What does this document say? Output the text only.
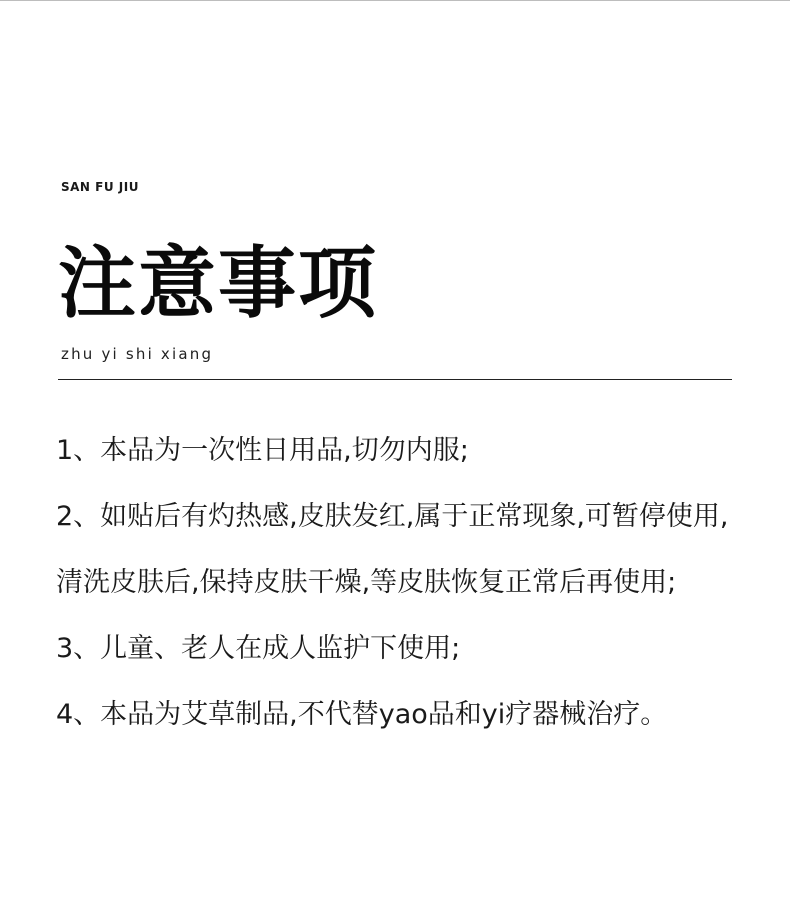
SAN FU JIU
注意事项
zhu yi shi xiang
1、本品为一次性日用品,切勿内服;
2、如贴后有灼热感,皮肤发红,属于正常现象,可暂停使用,清洗皮肤后,保持皮肤干燥,等皮肤恢复正常后再使用;
3、儿童、老人在成人监护下使用;
4、本品为艾草制品,不代替yao品和yi疗器械治疗。
